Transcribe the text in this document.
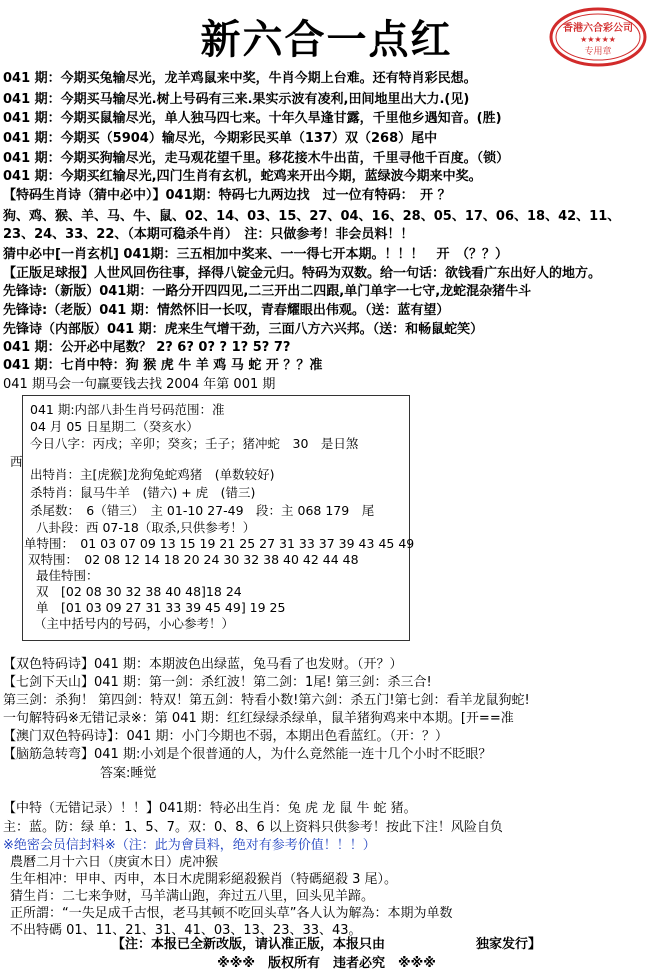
新六合一点红	香港六合彩公司
★★★★★
专用章
041 期：今期买兔输尽光，龙羊鸡鼠来中奖，牛肖今期上台难。还有特肖彩民想。
041 期：今期买马输尽光.树上号码有三来.果实示波有凌利,田间地里出大力.(见)
041 期：今期买鼠输尽光，单人独马四七来。十年久旱逢甘露，千里他乡遇知音。(胜)
041 期：今期买（5904）输尽光，今期彩民买单（137）双（268）尾中
041 期：今期买狗输尽光，走马观花望千里。移花接木牛出苗，千里寻他千百度。（锁）
041 期：今期买红输尽光,四门生肖有玄机，蛇鸡来开出今期，蓝绿波今期来中奖。
【特码生肖诗（猜中必中）】041期：特码七九两边找　过一位有特码：　开 ？
狗、鸡、猴、羊、马、牛、鼠、02、14、03、15、27、04、16、28、05、17、06、18、42、11、
23、24、33、22、（本期可稳杀牛肖）　注：只做参考！非会员料！！
猜中必中[一肖玄机] 041期：三五相加中奖来、一一得七开本期。！！！　开　（？？）
【正版足球报】人世风回伤往事，择得八锭金元归。特码为双数。给一句话：欲钱看广东出好人的地方。
先锋诗:（新版）041期：一路分开四四见,二三开出二四跟,单门单字一七守,龙蛇混杂猪牛斗
先锋诗:（老版）041 期：情然怀旧一长叹，青春耀眼出伟观。（送：蓝有望）
先锋诗（内部版）041 期：虎来生气增干劲，三面八方六兴邦。（送：和畅鼠蛇笑）
041 期：公开必中尾数？ 2? 6? 0? ? 1? 5? 7?
041 期：七肖中特：狗 猴 虎 牛 羊 鸡 马 蛇 开 ？？准
041 期马会一句赢要钱去找 2004 年第 001 期
041 期:内部八卦生肖号码范围：准
04 月 05 日星期二（癸亥水）
今日八字：丙戌；辛卯；癸亥；壬子；猪冲蛇　30　是日煞
西
出特肖：主[虎猴]龙狗兔蛇鸡猪　(单数较好)
杀特肖：鼠马牛羊　(错六) + 虎　(错三)
杀尾数：　6（错三）　主 01-10 27-49　段：主 068 179　尾
八卦段：西 07-18（取杀,只供参考！）
单特围：　01 03 07 09 13 15 19 21 25 27 31 33 37 39 43 45 49
双特围：　02 08 12 14 18 20 24 30 32 38 40 42 44 48
最佳特围：
双　[02 08 30 32 38 40 48]18 24
单　[01 03 09 27 31 33 39 45 49] 19 25
（主中括号内的号码，小心参考！）
【双色特码诗】041 期：本期波色出绿蓝，兔马看了也发财。（开？）
【七剑下天山】041 期：第一剑：杀红波！第二剑：1尾! 第三剑：杀三合!
第三剑：杀狗！ 第四剑：特双！第五剑：特看小数!第六剑：杀五门!第七剑：看羊龙鼠狗蛇!
一句解特码※无错记录※：第 041 期：红红绿绿杀绿单，鼠羊猪狗鸡来中本期。[开==准
【澳门双色特码诗】：041 期：小门今期也不弱，本期出色看蓝红。（开：？）
【脑筋急转弯】041 期:小刘是个很普通的人，为什么竟然能一连十几个小时不眨眼？
答案:睡觉
【中特（无错记录）！！】041期：特必出生肖：兔 虎 龙 鼠 牛 蛇 猪。
主：蓝。防：绿 单：1、5、7。双：0、8、6 以上资料只供参考！按此下注！风险自负
※绝密会员信封料※（注：此为會員料，绝对有参考价值！！！）
農曆二月十六日（庚寅木日）虎冲猴
生年相冲：甲申、丙申，本日木虎開彩絕殺猴肖（特碼絕殺 3 尾）。
猜生肖：二七来争财，马羊满山跑，奔过五八里，回头见羊蹄。
正所謂：“一失足成千古恨，老马其顿不吃回头草”各人认为解為：本期为单数
不出特碼 01、11、21、31、41、03、13、23、33、43。
【注：本报已全新改版，请认准正版，本报只由　　　　　　　独家发行】
※※※　版权所有　违者必究　※※※
